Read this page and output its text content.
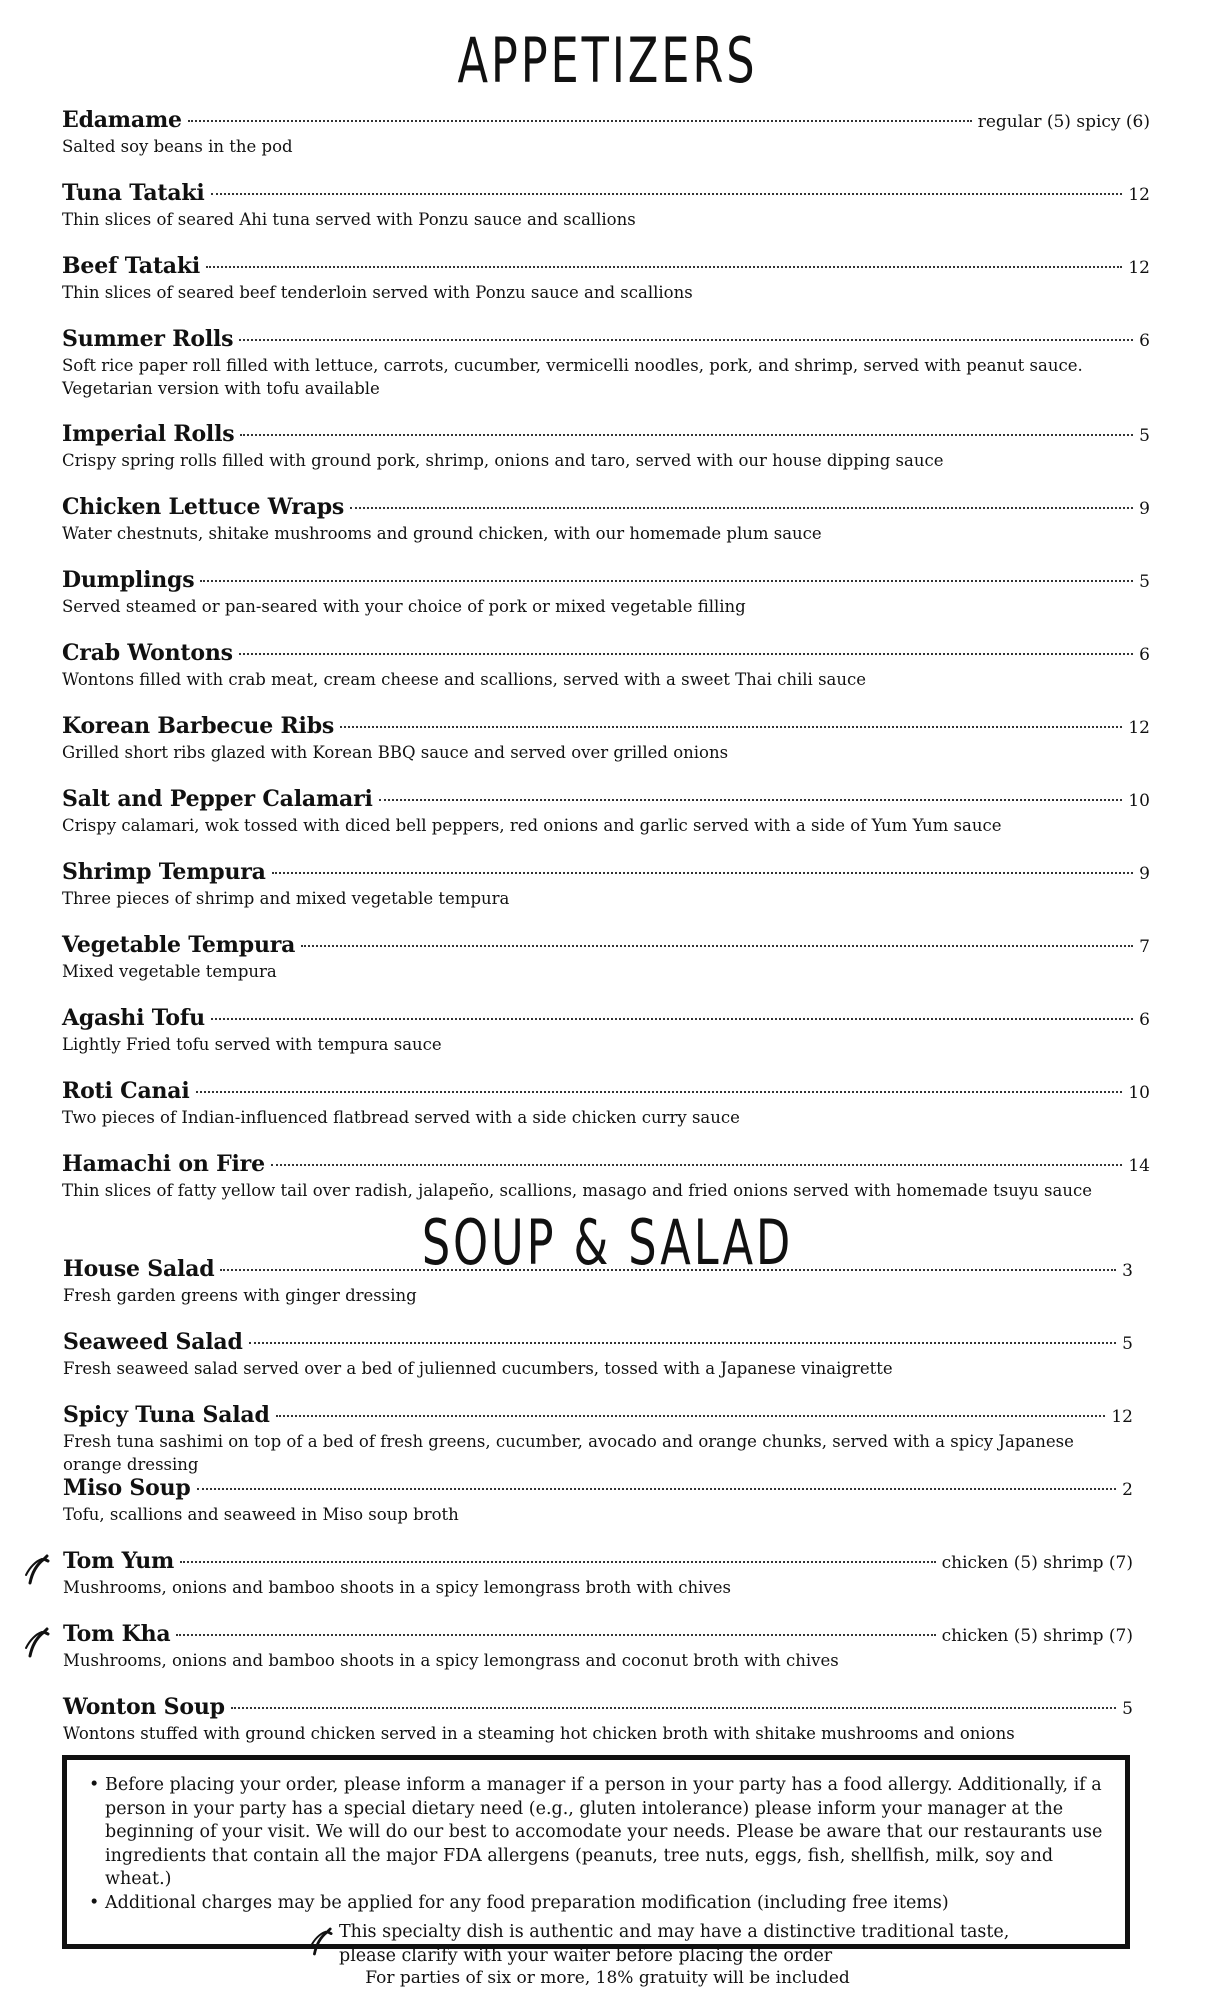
APPETIZERS
Edamame	regular (5) spicy (6)
Salted soy beans in the pod
Tuna Tataki	12
Thin slices of seared Ahi tuna served with Ponzu sauce and scallions
Beef Tataki	12
Thin slices of seared beef tenderloin served with Ponzu sauce and scallions
Summer Rolls	6
Soft rice paper roll filled with lettuce, carrots, cucumber, vermicelli noodles, pork, and shrimp, served with peanut sauce.
Vegetarian version with tofu available
Imperial Rolls	5
Crispy spring rolls filled with ground pork, shrimp, onions and taro, served with our house dipping sauce
Chicken Lettuce Wraps	9
Water chestnuts, shitake mushrooms and ground chicken, with our homemade plum sauce
Dumplings	5
Served steamed or pan-seared with your choice of pork or mixed vegetable filling
Crab Wontons	6
Wontons filled with crab meat, cream cheese and scallions, served with a sweet Thai chili sauce
Korean Barbecue Ribs	12
Grilled short ribs glazed with Korean BBQ sauce and served over grilled onions
Salt and Pepper Calamari	10
Crispy calamari, wok tossed with diced bell peppers, red onions and garlic served with a side of Yum Yum sauce
Shrimp Tempura	9
Three pieces of shrimp and mixed vegetable tempura
Vegetable Tempura	7
Mixed vegetable tempura
Agashi Tofu	6
Lightly Fried tofu served with tempura sauce
Roti Canai	10
Two pieces of Indian-influenced flatbread served with a side chicken curry sauce
Hamachi on Fire	14
Thin slices of fatty yellow tail over radish, jalapeño, scallions, masago and fried onions served with homemade tsuyu sauce
SOUP & SALAD
House Salad	3
Fresh garden greens with ginger dressing
Seaweed Salad	5
Fresh seaweed salad served over a bed of julienned cucumbers, tossed with a Japanese vinaigrette
Spicy Tuna Salad	12
Fresh tuna sashimi on top of a bed of fresh greens, cucumber, avocado and orange chunks, served with a spicy Japanese orange dressing
Miso Soup	2
Tofu, scallions and seaweed in Miso soup broth
Tom Yum	chicken (5) shrimp (7)
Mushrooms, onions and bamboo shoots in a spicy lemongrass broth with chives
Tom Kha	chicken (5) shrimp (7)
Mushrooms, onions and bamboo shoots in a spicy lemongrass and coconut broth with chives
Wonton Soup	5
Wontons stuffed with ground chicken served in a steaming hot chicken broth with shitake mushrooms and onions
• Before placing your order, please inform a manager if a person in your party has a food allergy. Additionally, if a person in your party has a special dietary need (e.g., gluten intolerance) please inform your manager at the beginning of your visit. We will do our best to accomodate your needs. Please be aware that our restaurants use ingredients that contain all the major FDA allergens (peanuts, tree nuts, eggs, fish, shellfish, milk, soy and wheat.)
• Additional charges may be applied for any food preparation modification (including free items)
This specialty dish is authentic and may have a distinctive traditional taste,
please clarify with your waiter before placing the order
For parties of six or more, 18% gratuity will be included
